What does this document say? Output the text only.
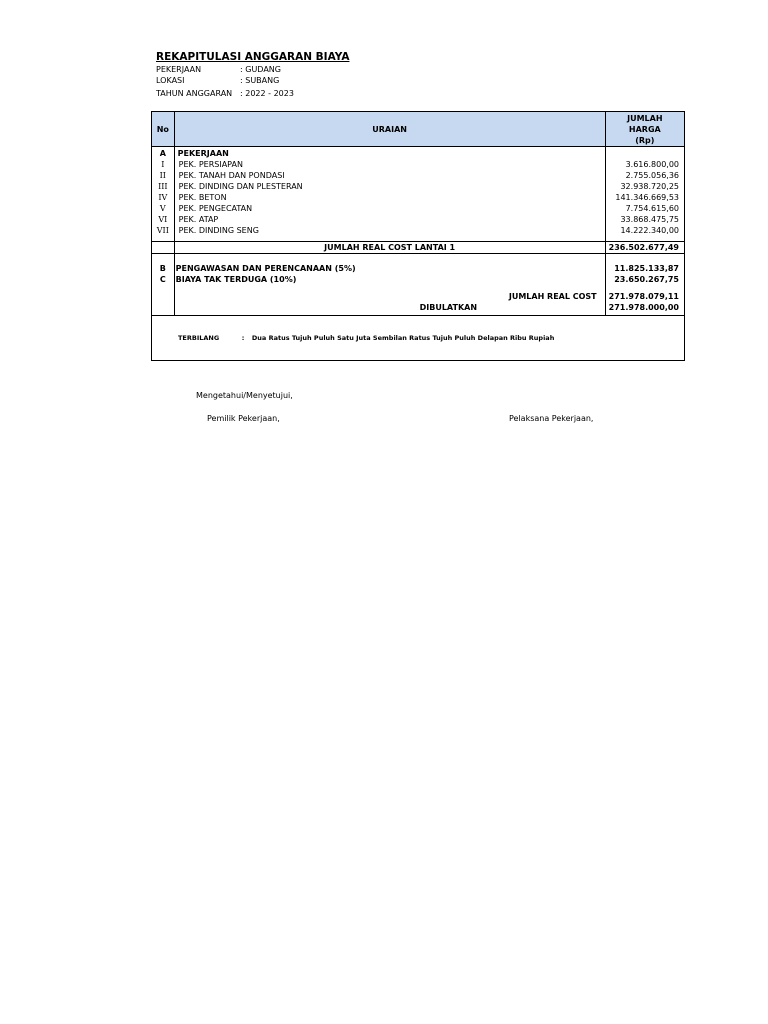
REKAPITULASI ANGGARAN BIAYA
PEKERJAAN	: GUDANG
LOKASI	: SUBANG
TAHUN ANGGARAN : 2022 - 2023
No	URAIAN	JUMLAH
HARGA
(Rp)

A	PEKERJAAN	
I	PEK. PERSIAPAN	3.616.800,00
II	PEK. TANAH DAN PONDASI	2.755.056,36
III	PEK. DINDING DAN PLESTERAN	32.938.720,25
IV	PEK. BETON	141.346.669,53
V	PEK. PENGECATAN	7.754.615,60
VI	PEK. ATAP	33.868.475,75
VII	PEK. DINDING SENG	14.222.340,00

	JUMLAH REAL COST LANTAI 1	236.502.677,49

B	PENGAWASAN DAN PERENCANAAN (5%)	11.825.133,87
C	BIAYA TAK TERDUGA (10%)	23.650.267,75

	JUMLAH REAL COST	271.978.079,11
	DIBULATKAN	271.978.000,00
TERBILANG : Dua Ratus Tujuh Puluh Satu Juta Sembilan Ratus Tujuh Puluh Delapan Ribu Rupiah		
Mengetahui/Menyetujui,
Pemilik Pekerjaan,	Pelaksana Pekerjaan,
